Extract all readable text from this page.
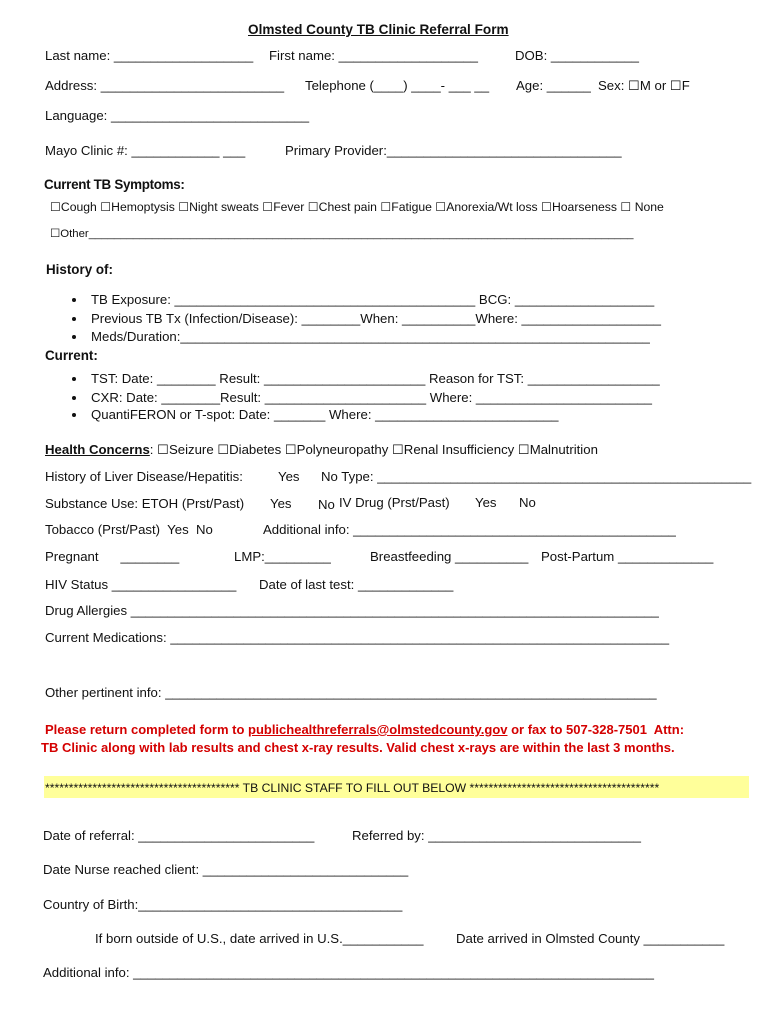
Olmsted County TB Clinic Referral Form
Last name: ___________________ First name: ___________________	DOB: ____________
Address: _________________________ Telephone (____) ____- ___ __ Age: ______ Sex: ☐M or ☐F
Language: ___________________________
Mayo Clinic #: ____________ ___	Primary Provider:________________________________
Current TB Symptoms:
☐Cough ☐Hemoptysis ☐Night sweats ☐Fever ☐Chest pain ☐Fatigue ☐Anorexia/Wt loss ☐Hoarseness ☐ None
☐Other______________________________________________________________________________________
History of:
TB Exposure: _________________________________________ BCG: ___________________
Previous TB Tx (Infection/Disease): ________When: __________Where: ___________________
Meds/Duration:________________________________________________________________
Current:
TST: Date: ________ Result: ______________________ Reason for TST: __________________
CXR: Date: ________Result: ______________________ Where: ________________________
QuantiFERON or T-spot: Date: _______ Where: _________________________
Health Concerns: ☐Seizure ☐Diabetes ☐Polyneuropathy ☐Renal Insufficiency ☐Malnutrition
History of Liver Disease/Hepatitis:	Yes No Type: ___________________________________________________
Substance Use: ETOH (Prst/Past) Yes No IV Drug (Prst/Past) Yes No
Tobacco (Prst/Past)  Yes  No	Additional info: ____________________________________________
Pregnant      ________	LMP:_________	Breastfeeding __________ Post-Partum _____________
HIV Status _________________ Date of last test: _____________
Drug Allergies ________________________________________________________________________
Current Medications: ____________________________________________________________________
Other pertinent info: ___________________________________________________________________
Please return completed form to publichealthreferrals@olmstedcounty.gov or fax to 507-328-7501  Attn:
TB Clinic along with lab results and chest x-ray results. Valid chest x-rays are within the last 3 months.
***************************************** TB CLINIC STAFF TO FILL OUT BELOW ****************************************
Date of referral: ________________________	Referred by: _____________________________
Date Nurse reached client: ____________________________
Country of Birth:____________________________________
If born outside of U.S., date arrived in U.S.___________ Date arrived in Olmsted County ___________
Additional info: _______________________________________________________________________
